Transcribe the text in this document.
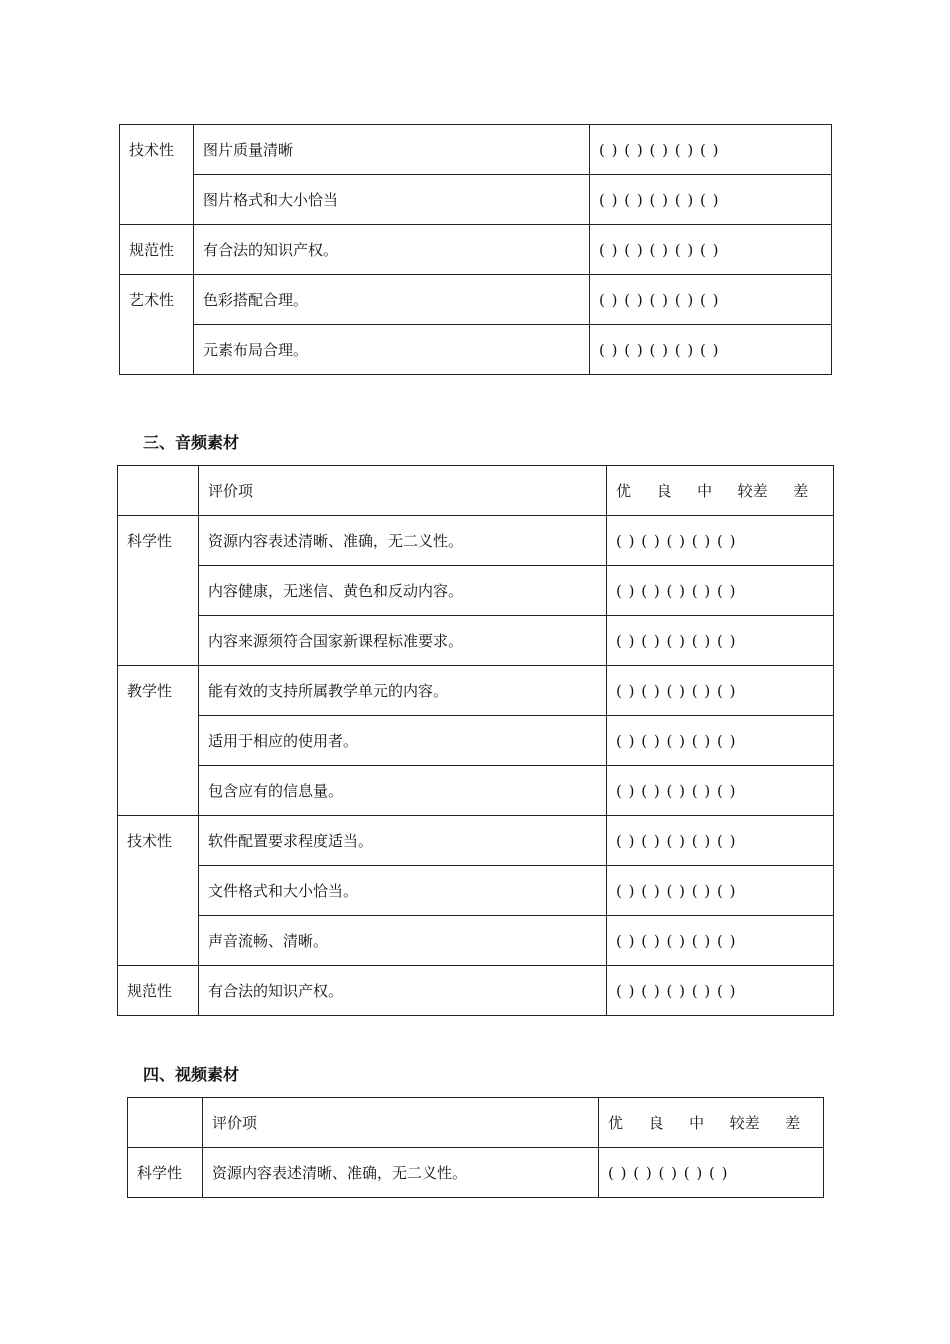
技术性	图片质量清晰	( ) ( ) ( ) ( ) ( )
	图片格式和大小恰当	( ) ( ) ( ) ( ) ( )
规范性	有合法的知识产权。	( ) ( ) ( ) ( ) ( )
艺术性	色彩搭配合理。	( ) ( ) ( ) ( ) ( )
	元素布局合理。	( ) ( ) ( ) ( ) ( )
三、音频素材
	评价项	优  良  中  较差  差
科学性	资源内容表述清晰、准确，无二义性。	( ) ( ) ( ) ( ) ( )
	内容健康，无迷信、黄色和反动内容。	( ) ( ) ( ) ( ) ( )
	内容来源须符合国家新课程标准要求。	( ) ( ) ( ) ( ) ( )
教学性	能有效的支持所属教学单元的内容。	( ) ( ) ( ) ( ) ( )
	适用于相应的使用者。	( ) ( ) ( ) ( ) ( )
	包含应有的信息量。	( ) ( ) ( ) ( ) ( )
技术性	软件配置要求程度适当。	( ) ( ) ( ) ( ) ( )
	文件格式和大小恰当。	( ) ( ) ( ) ( ) ( )
	声音流畅、清晰。	( ) ( ) ( ) ( ) ( )
规范性	有合法的知识产权。	( ) ( ) ( ) ( ) ( )
四、视频素材
	评价项	优  良  中  较差  差
科学性	资源内容表述清晰、准确，无二义性。	( ) ( ) ( ) ( ) ( )
